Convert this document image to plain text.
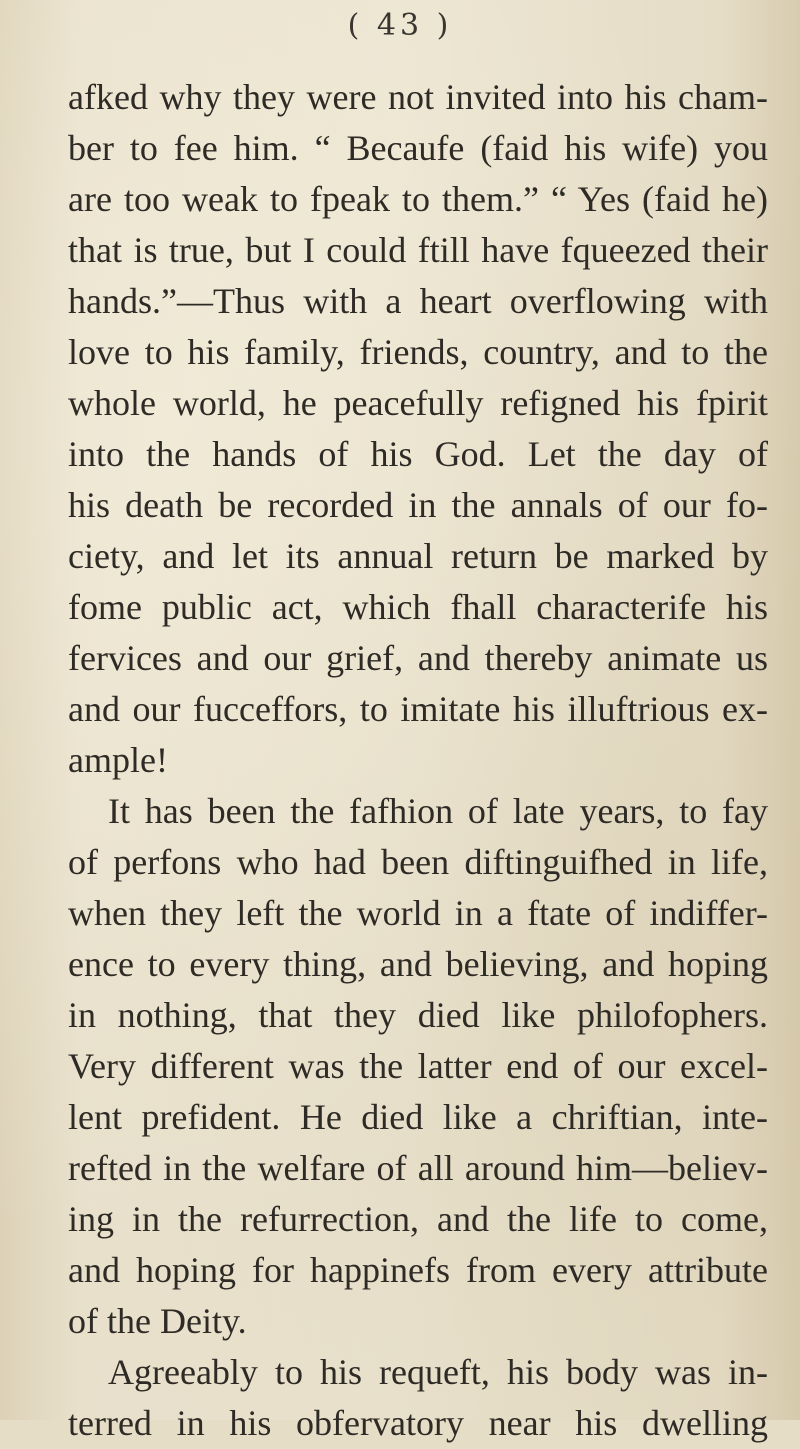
( 43 )
afked why they were not invited into his cham-
ber to fee him. “ Becaufe (faid his wife) you
are too weak to fpeak to them.” “ Yes (faid he)
that is true, but I could ftill have fqueezed their
hands.”—Thus with a heart overflowing with
love to his family, friends, country, and to the
whole world, he peacefully refigned his fpirit
into the hands of his God. Let the day of
his death be recorded in the annals of our fo-
ciety, and let its annual return be marked by
fome public act, which fhall characterife his
fervices and our grief, and thereby animate us
and our fucceffors, to imitate his illuftrious ex-
ample!
It has been the fafhion of late years, to fay
of perfons who had been diftinguifhed in life,
when they left the world in a ftate of indiffer-
ence to every thing, and believing, and hoping
in nothing, that they died like philofophers.
Very different was the latter end of our excel-
lent prefident. He died like a chriftian, inte-
refted in the welfare of all around him—believ-
ing in the refurrection, and the life to come,
and hoping for happinefs from every attribute
of the Deity.
Agreeably to his requeft, his body was in-
terred in his obfervatory near his dwelling
